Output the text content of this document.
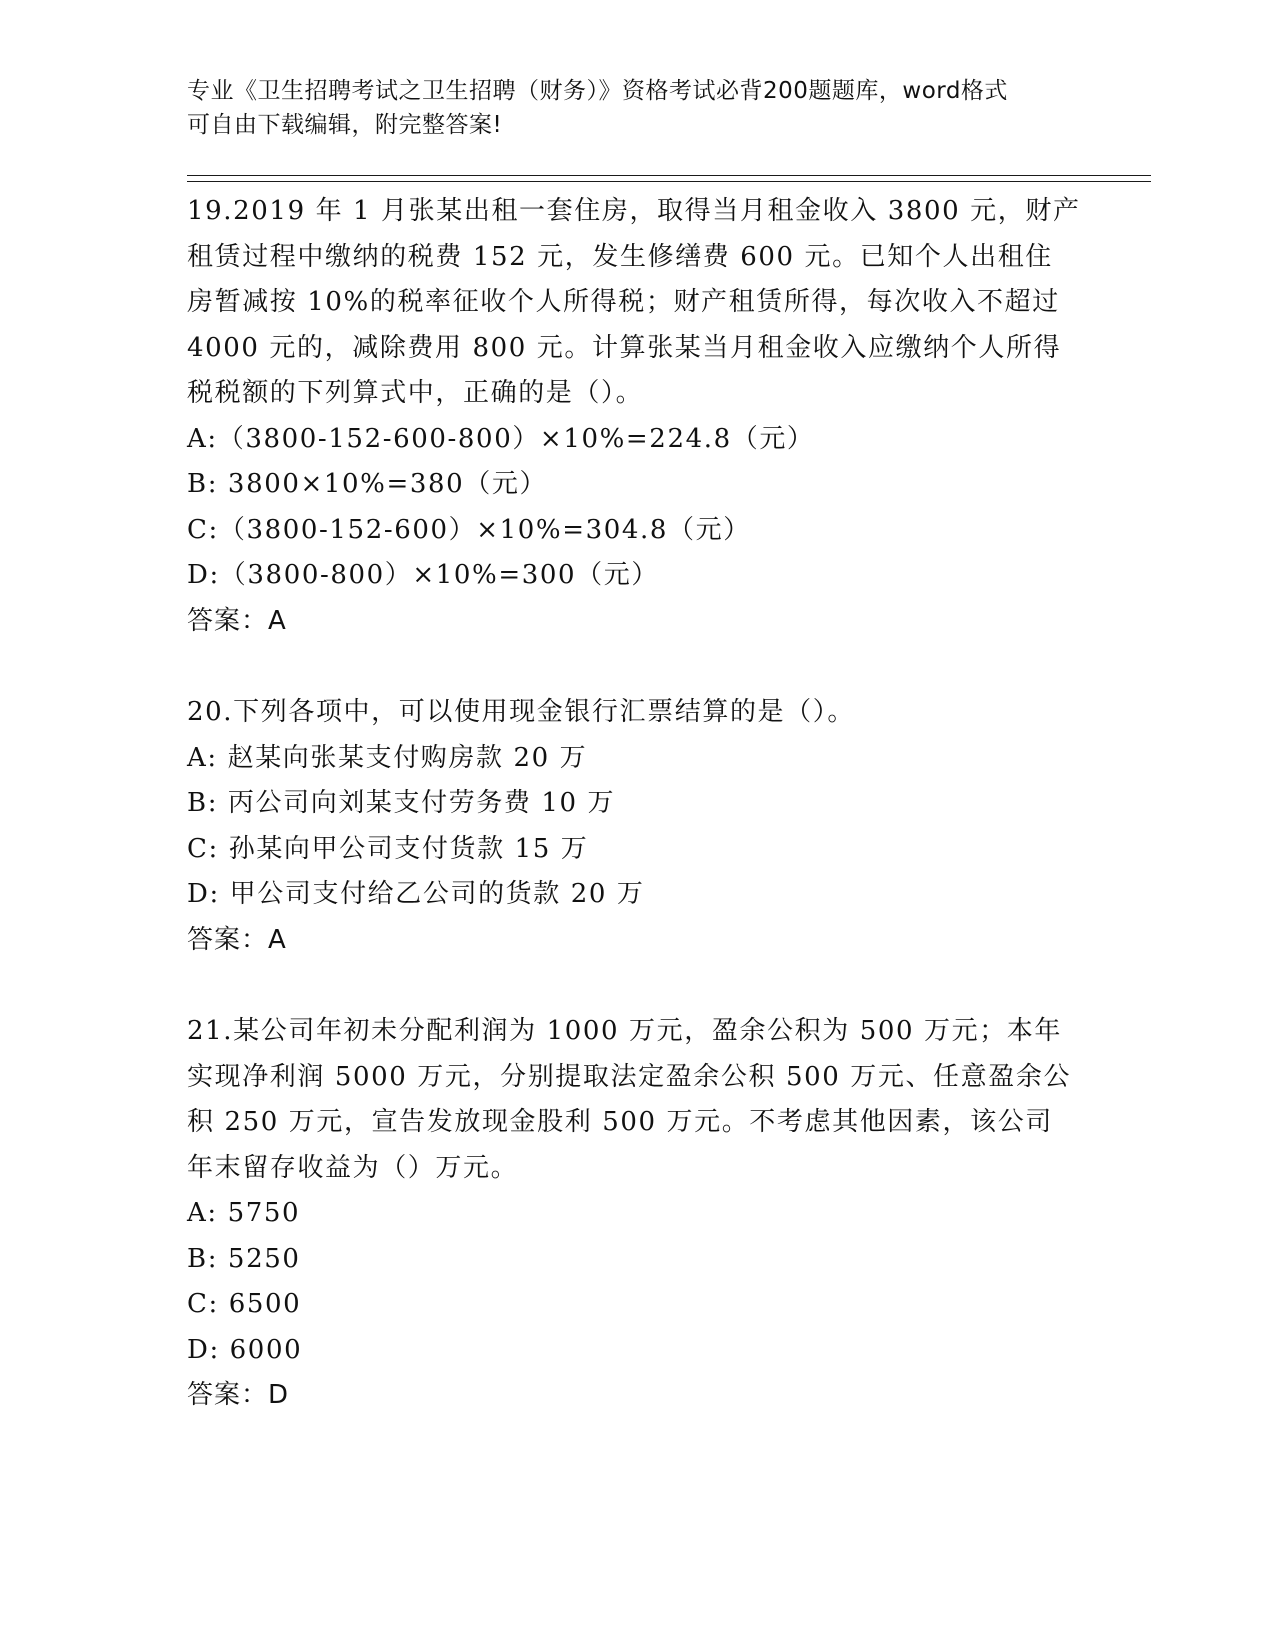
专业《卫生招聘考试之卫生招聘（财务）》资格考试必背200题题库，word格式
可自由下载编辑，附完整答案!
19.2019 年 1 月张某出租一套住房，取得当月租金收入 3800 元，财产
租赁过程中缴纳的税费 152 元，发生修缮费 600 元。已知个人出租住
房暂减按 10%的税率征收个人所得税；财产租赁所得，每次收入不超过
4000 元的，减除费用 800 元。计算张某当月租金收入应缴纳个人所得
税税额的下列算式中，正确的是（）。
A:（3800-152-600-800）×10%=224.8（元）
B: 3800×10%=380（元）
C:（3800-152-600）×10%=304.8（元）
D:（3800-800）×10%=300（元）
答案：A
20.下列各项中，可以使用现金银行汇票结算的是（）。
A: 赵某向张某支付购房款 20 万
B: 丙公司向刘某支付劳务费 10 万
C: 孙某向甲公司支付货款 15 万
D: 甲公司支付给乙公司的货款 20 万
答案：A
21.某公司年初未分配利润为 1000 万元，盈余公积为 500 万元；本年
实现净利润 5000 万元，分别提取法定盈余公积 500 万元、任意盈余公
积 250 万元，宣告发放现金股利 500 万元。不考虑其他因素，该公司
年末留存收益为（）万元。
A: 5750
B: 5250
C: 6500
D: 6000
答案：D
